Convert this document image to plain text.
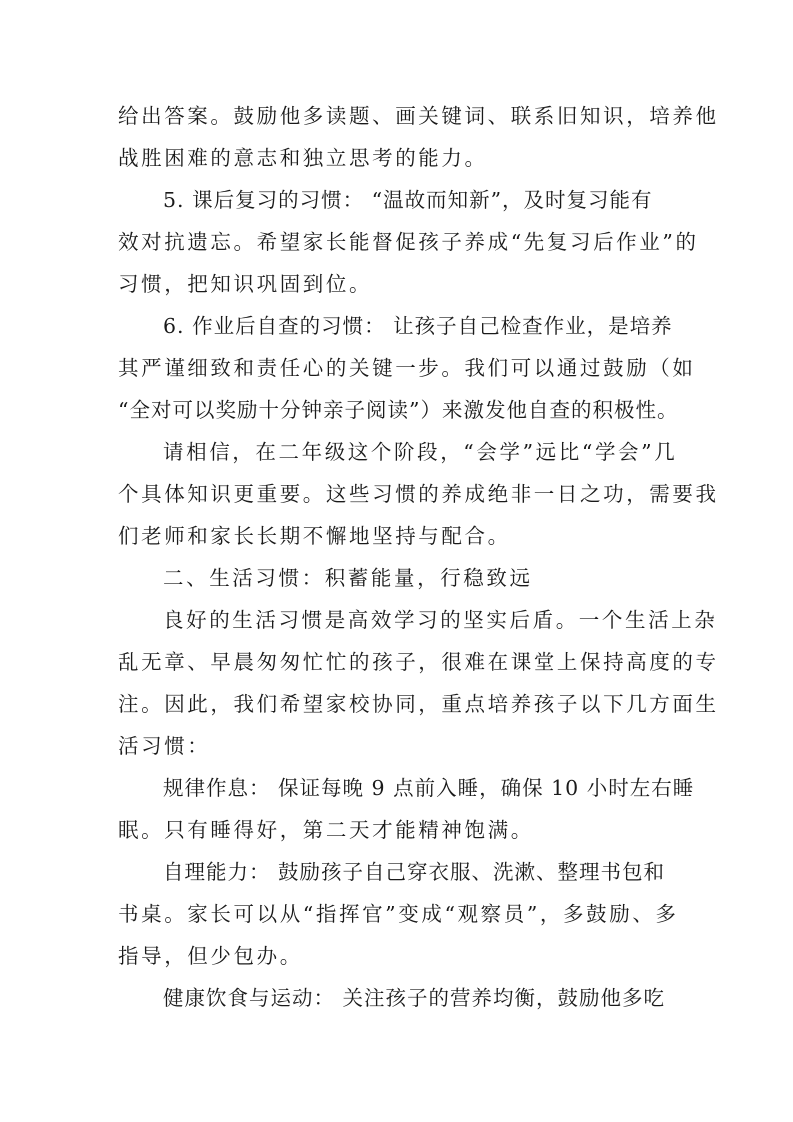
给出答案。鼓励他多读题、画关键词、联系旧知识，培养他
战胜困难的意志和独立思考的能力。
5. 课后复习的习惯： “温故而知新”，及时复习能有
效对抗遗忘。希望家长能督促孩子养成“先复习后作业”的
习惯，把知识巩固到位。
6. 作业后自查的习惯： 让孩子自己检查作业，是培养
其严谨细致和责任心的关键一步。我们可以通过鼓励（如
“全对可以奖励十分钟亲子阅读”）来激发他自查的积极性。
请相信，在二年级这个阶段，“会学”远比“学会”几
个具体知识更重要。这些习惯的养成绝非一日之功，需要我
们老师和家长长期不懈地坚持与配合。
二、生活习惯：积蓄能量，行稳致远
良好的生活习惯是高效学习的坚实后盾。一个生活上杂
乱无章、早晨匆匆忙忙的孩子，很难在课堂上保持高度的专
注。因此，我们希望家校协同，重点培养孩子以下几方面生
活习惯：
规律作息： 保证每晚 9 点前入睡，确保 10 小时左右睡
眠。只有睡得好，第二天才能精神饱满。
自理能力： 鼓励孩子自己穿衣服、洗漱、整理书包和
书桌。家长可以从“指挥官”变成“观察员”，多鼓励、多
指导，但少包办。
健康饮食与运动： 关注孩子的营养均衡，鼓励他多吃
